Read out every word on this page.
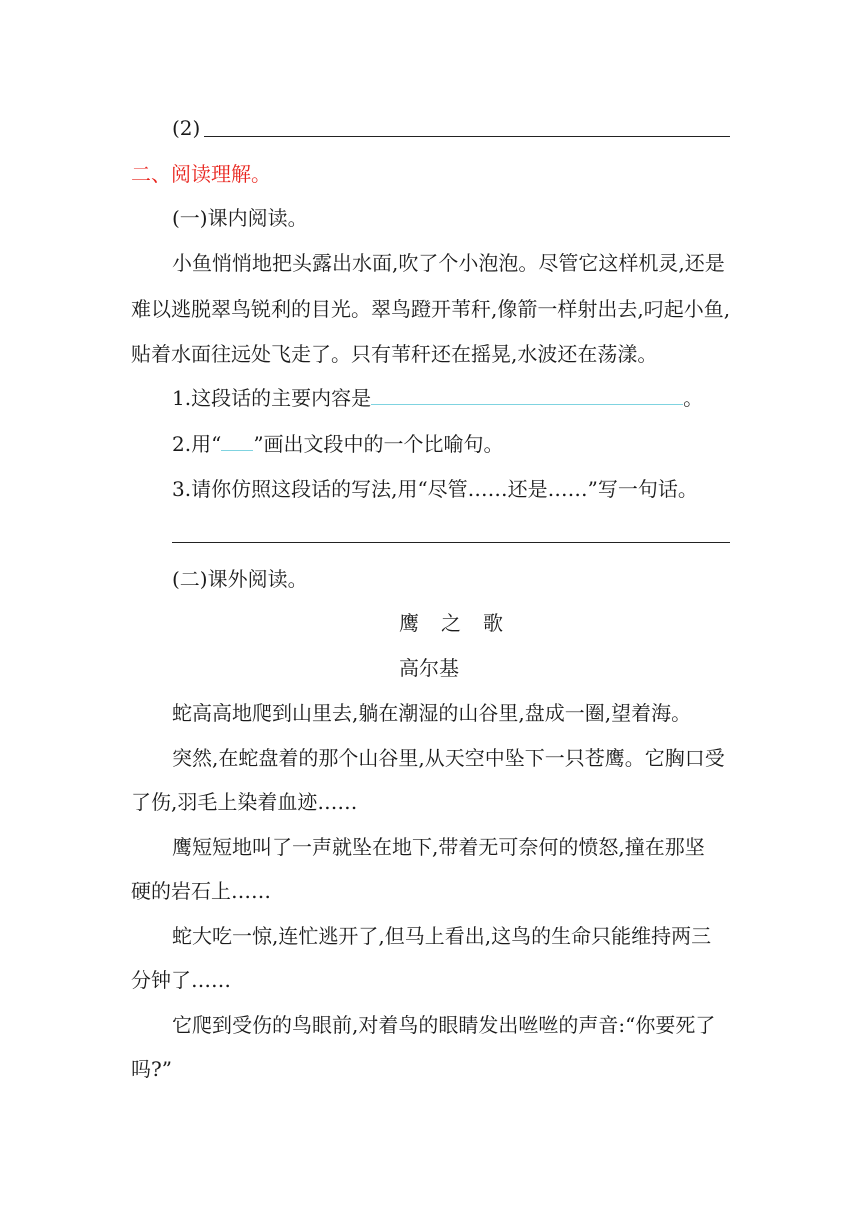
(2)
二、阅读理解。
(一)课内阅读。
小鱼悄悄地把头露出水面,吹了个小泡泡。尽管它这样机灵,还是
难以逃脱翠鸟锐利的目光。翠鸟蹬开苇秆,像箭一样射出去,叼起小鱼,
贴着水面往远处飞走了。只有苇秆还在摇晃,水波还在荡漾。
1.这段话的主要内容是	。
2.用“ ”画出文段中的一个比喻句。
3.请你仿照这段话的写法,用“尽管……还是……”写一句话。
(二)课外阅读。
鹰之歌
高尔基
蛇高高地爬到山里去,躺在潮湿的山谷里,盘成一圈,望着海。
突然,在蛇盘着的那个山谷里,从天空中坠下一只苍鹰。它胸口受
了伤,羽毛上染着血迹……
鹰短短地叫了一声就坠在地下,带着无可奈何的愤怒,撞在那坚
硬的岩石上……
蛇大吃一惊,连忙逃开了,但马上看出,这鸟的生命只能维持两三
分钟了……
它爬到受伤的鸟眼前,对着鸟的眼睛发出咝咝的声音:“你要死了
吗?”
